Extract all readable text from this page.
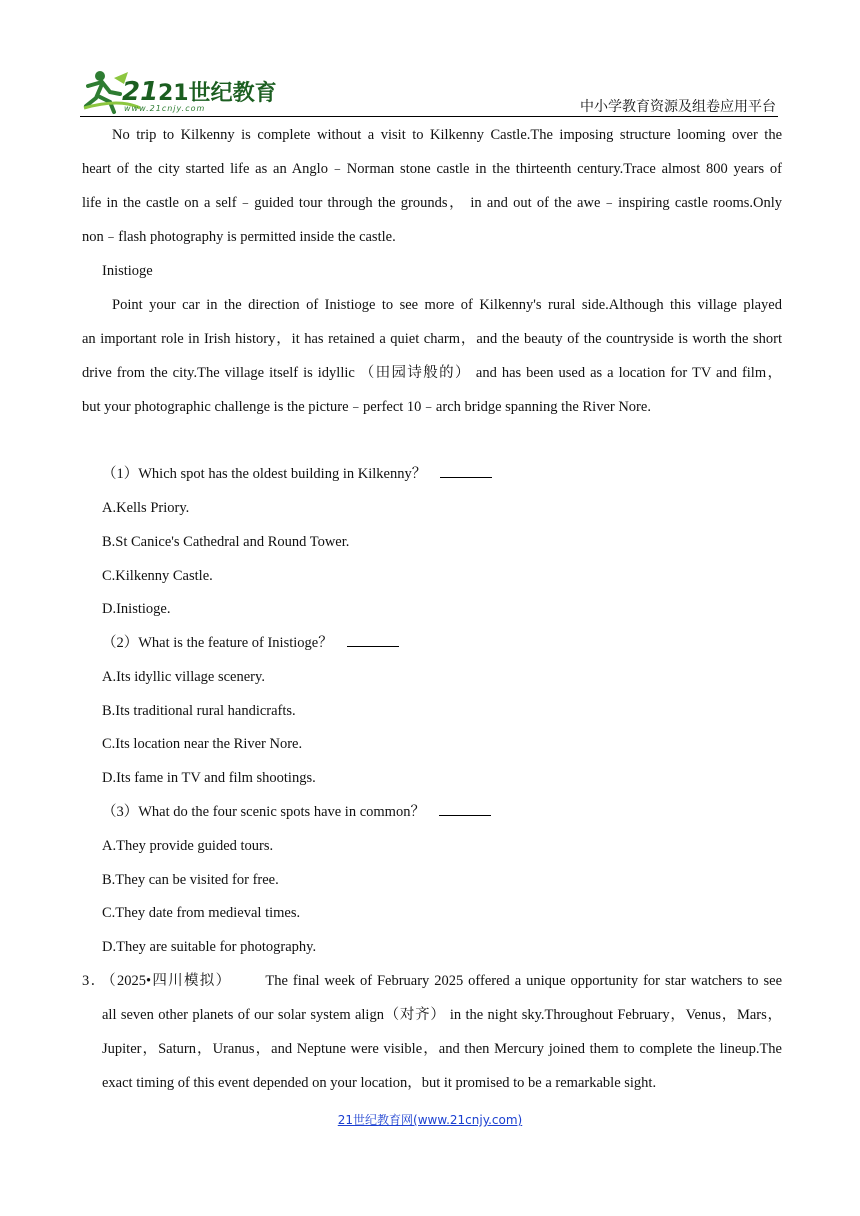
21 21世纪教育
www.21cnjy.com	中小学教育资源及组卷应用平台
No trip to Kilkenny is complete without a visit to Kilkenny Castle.The imposing structure looming over the
heart of the city started life as an Anglo﹣Norman stone castle in the thirteenth century.Trace almost 800 years of
life in the castle on a self﹣guided tour through the grounds， in and out of the awe﹣inspiring castle rooms.Only
non﹣flash photography is permitted inside the castle.
Inistioge
Point your car in the direction of Inistioge to see more of Kilkenny's rural side.Although this village played
an important role in Irish history，it has retained a quiet charm，and the beauty of the countryside is worth the short
drive from the city.The village itself is idyllic （田园诗般的） and has been used as a location for TV and film，
but your photographic challenge is the picture﹣perfect 10﹣arch bridge spanning the River Nore.
（1）Which spot has the oldest building in Kilkenny？
A.Kells Priory.
B.St Canice's Cathedral and Round Tower.
C.Kilkenny Castle.
D.Inistioge.
（2）What is the feature of Inistioge？
A.Its idyllic village scenery.
B.Its traditional rural handicrafts.
C.Its location near the River Nore.
D.Its fame in TV and film shootings.
（3）What do the four scenic spots have in common？
A.They provide guided tours.
B.They can be visited for free.
C.They date from medieval times.
D.They are suitable for photography.
3． （2025•四川模拟） The final week of February 2025 offered a unique opportunity for star watchers to see
all seven other planets of our solar system align（对齐） in the night sky.Throughout February，Venus，Mars，
Jupiter，Saturn，Uranus，and Neptune were visible，and then Mercury joined them to complete the lineup.The
exact timing of this event depended on your location，but it promised to be a remarkable sight.
21世纪教育网(www.21cnjy.com)
